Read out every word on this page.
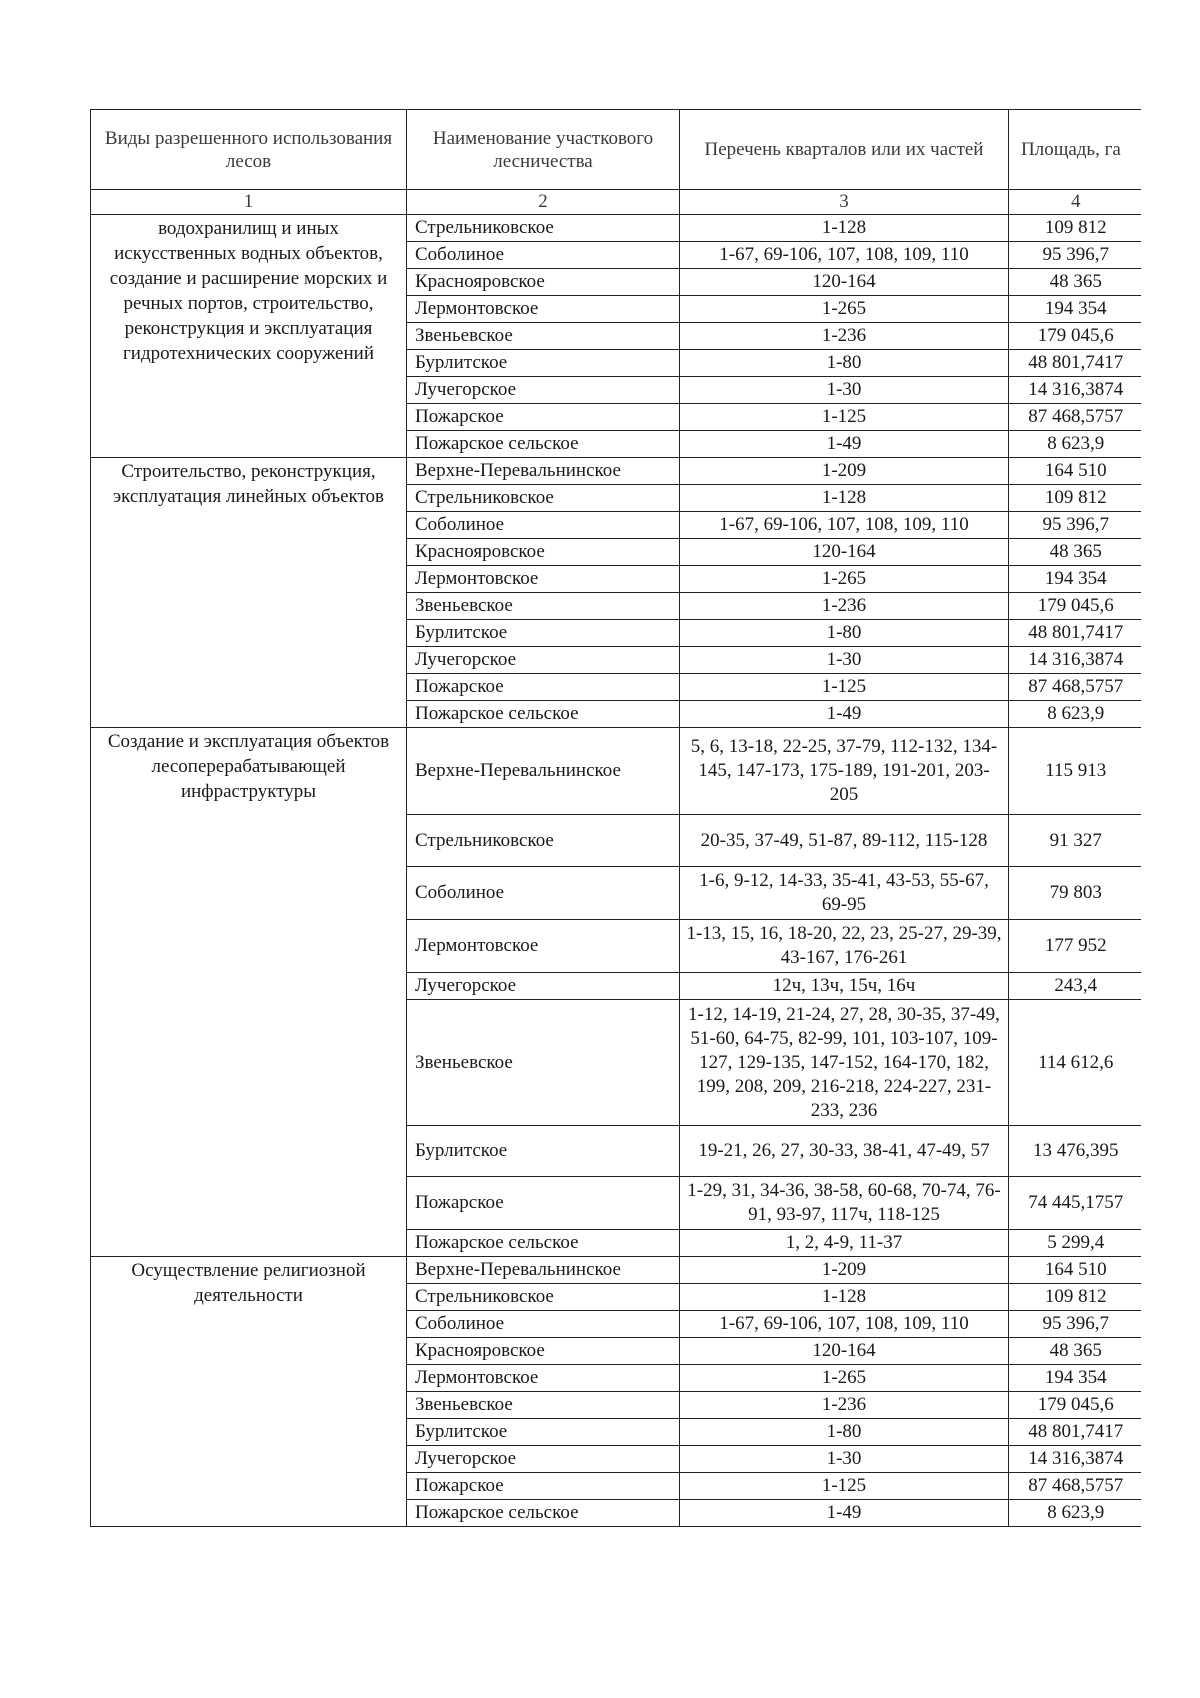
Виды разрешенного использования лесов	Наименование участкового лесничества	Перечень кварталов или их частей	Площадь, га
1	2	3	4
водохранилищ и иных искусственных водных объектов, создание и расширение морских и речных портов, строительство, реконструкция и эксплуатация гидротехнических сооружений	Стрельниковское	1-128	109 812
	Соболиное	1-67, 69-106, 107, 108, 109, 110	95 396,7
	Краснояровское	120-164	48 365
	Лермонтовское	1-265	194 354
	Звеньевское	1-236	179 045,6
	Бурлитское	1-80	48 801,7417
	Лучегорское	1-30	14 316,3874
	Пожарское	1-125	87 468,5757
	Пожарское сельское	1-49	8 623,9
Строительство, реконструкция, эксплуатация линейных объектов	Верхне-Перевальнинское	1-209	164 510
	Стрельниковское	1-128	109 812
	Соболиное	1-67, 69-106, 107, 108, 109, 110	95 396,7
	Краснояровское	120-164	48 365
	Лермонтовское	1-265	194 354
	Звеньевское	1-236	179 045,6
	Бурлитское	1-80	48 801,7417
	Лучегорское	1-30	14 316,3874
	Пожарское	1-125	87 468,5757
	Пожарское сельское	1-49	8 623,9
Создание и эксплуатация объектов лесоперерабатывающей инфраструктуры	Верхне-Перевальнинское	5, 6, 13-18, 22-25, 37-79, 112-132, 134-145, 147-173, 175-189, 191-201, 203-205	115 913
	Стрельниковское	20-35, 37-49, 51-87, 89-112, 115-128	91 327
	Соболиное	1-6, 9-12, 14-33, 35-41, 43-53, 55-67, 69-95	79 803
	Лермонтовское	1-13, 15, 16, 18-20, 22, 23, 25-27, 29-39, 43-167, 176-261	177 952
	Лучегорское	12ч, 13ч, 15ч, 16ч	243,4
	Звеньевское	1-12, 14-19, 21-24, 27, 28, 30-35, 37-49, 51-60, 64-75, 82-99, 101, 103-107, 109-127, 129-135, 147-152, 164-170, 182, 199, 208, 209, 216-218, 224-227, 231-233, 236	114 612,6
	Бурлитское	19-21, 26, 27, 30-33, 38-41, 47-49, 57	13 476,395
	Пожарское	1-29, 31, 34-36, 38-58, 60-68, 70-74, 76-91, 93-97, 117ч, 118-125	74 445,1757
	Пожарское сельское	1, 2, 4-9, 11-37	5 299,4
Осуществление религиозной деятельности	Верхне-Перевальнинское	1-209	164 510
	Стрельниковское	1-128	109 812
	Соболиное	1-67, 69-106, 107, 108, 109, 110	95 396,7
	Краснояровское	120-164	48 365
	Лермонтовское	1-265	194 354
	Звеньевское	1-236	179 045,6
	Бурлитское	1-80	48 801,7417
	Лучегорское	1-30	14 316,3874
	Пожарское	1-125	87 468,5757
	Пожарское сельское	1-49	8 623,9
